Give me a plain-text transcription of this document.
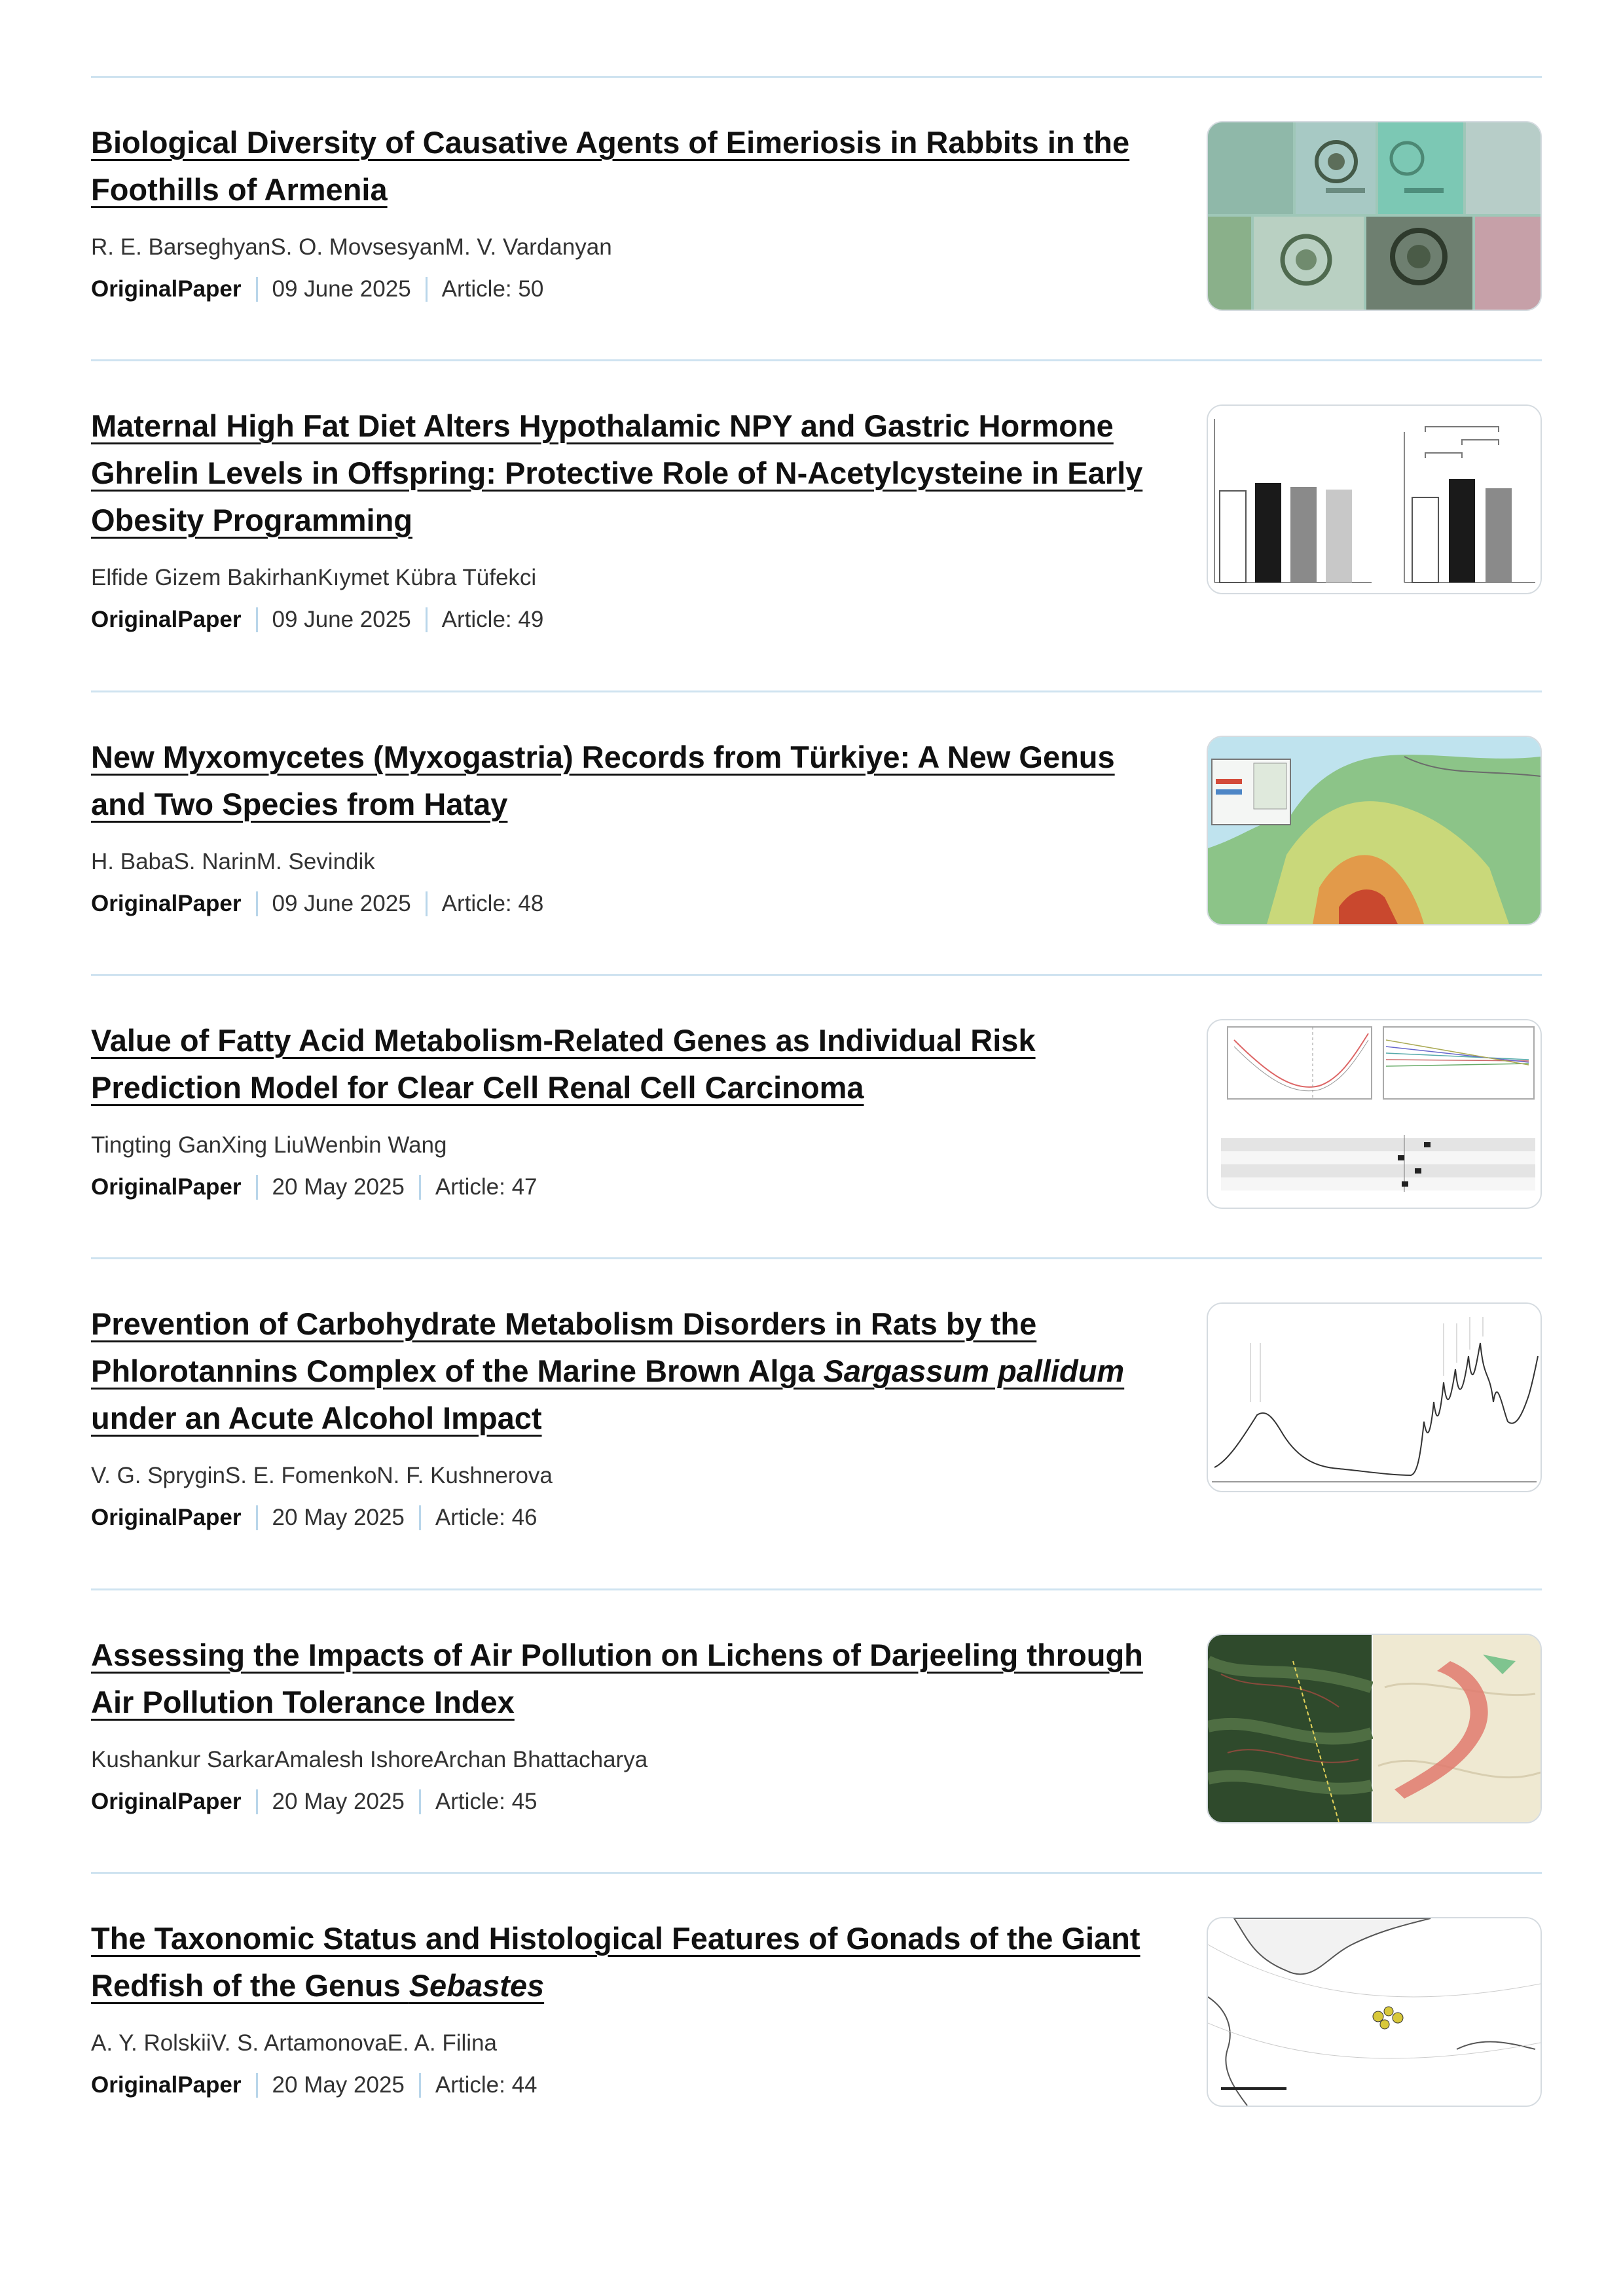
Biological Diversity of Causative Agents of Eimeriosis in Rabbits in the Foothills of Armenia
R. E. BarseghyanS. O. MovsesyanM. V. Vardanyan
OriginalPaper 09 June 2025 Article: 50
Maternal High Fat Diet Alters Hypothalamic NPY and Gastric Hormone Ghrelin Levels in Offspring: Protective Role of N-Acetylcysteine in Early Obesity Programming
Elfide Gizem BakirhanKıymet Kübra Tüfekci
OriginalPaper 09 June 2025 Article: 49
New Myxomycetes (Myxogastria) Records from Türkiye: A New Genus and Two Species from Hatay
H. BabaS. NarinM. Sevindik
OriginalPaper 09 June 2025 Article: 48
Value of Fatty Acid Metabolism-Related Genes as Individual Risk Prediction Model for Clear Cell Renal Cell Carcinoma
Tingting GanXing LiuWenbin Wang
OriginalPaper 20 May 2025 Article: 47
Prevention of Carbohydrate Metabolism Disorders in Rats by the Phlorotannins Complex of the Marine Brown Alga Sargassum pallidum under an Acute Alcohol Impact
V. G. SpryginS. E. FomenkoN. F. Kushnerova
OriginalPaper 20 May 2025 Article: 46
Assessing the Impacts of Air Pollution on Lichens of Darjeeling through Air Pollution Tolerance Index
Kushankur SarkarAmalesh IshoreArchan Bhattacharya
OriginalPaper 20 May 2025 Article: 45
The Taxonomic Status and Histological Features of Gonads of the Giant Redfish of the Genus Sebastes
A. Y. RolskiiV. S. ArtamonovaE. A. Filina
OriginalPaper 20 May 2025 Article: 44
